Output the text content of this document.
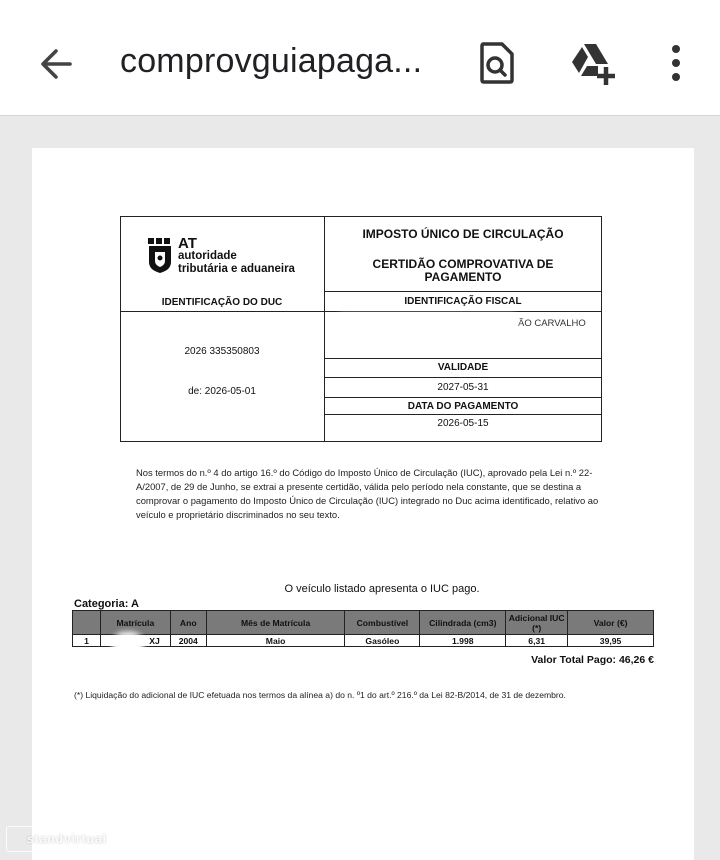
comprovguiapaga...
AT
autoridade
tributária e aduaneira
IMPOSTO ÚNICO DE CIRCULAÇÃO
CERTIDÃO COMPROVATIVA DE
PAGAMENTO
IDENTIFICAÇÃO DO DUC	IDENTIFICAÇÃO FISCAL
ÃO CARVALHO
2026 335350803
de: 2026-05-01
VALIDADE
2027-05-31
DATA DO PAGAMENTO
2026-05-15
Nos termos do n.º 4 do artigo 16.º do Código do Imposto Único de Circulação (IUC), aprovado pela Lei n.º 22-A/2007, de 29 de Junho, se extrai a presente certidão, válida pelo período nela constante, que se destina a comprovar o pagamento do Imposto Único de Circulação (IUC) integrado no Duc acima identificado, relativo ao veículo e proprietário discriminados no seu texto.
O veículo listado apresenta o IUC pago.
Categoria: A
	Matrícula	Ano	Mês de Matrícula	Combustível	Cilindrada (cm3)	Adicional IUC (*)	Valor (€)
1	XJ	2004	Maio	Gasóleo	1.998	6,31	39,95
Valor Total Pago: 46,26 €
(*) Liquidação do adicional de IUC efetuada nos termos da alínea a) do n. º1 do art.º 216.º da Lei 82-B/2014, de 31 de dezembro.
standvirtual
